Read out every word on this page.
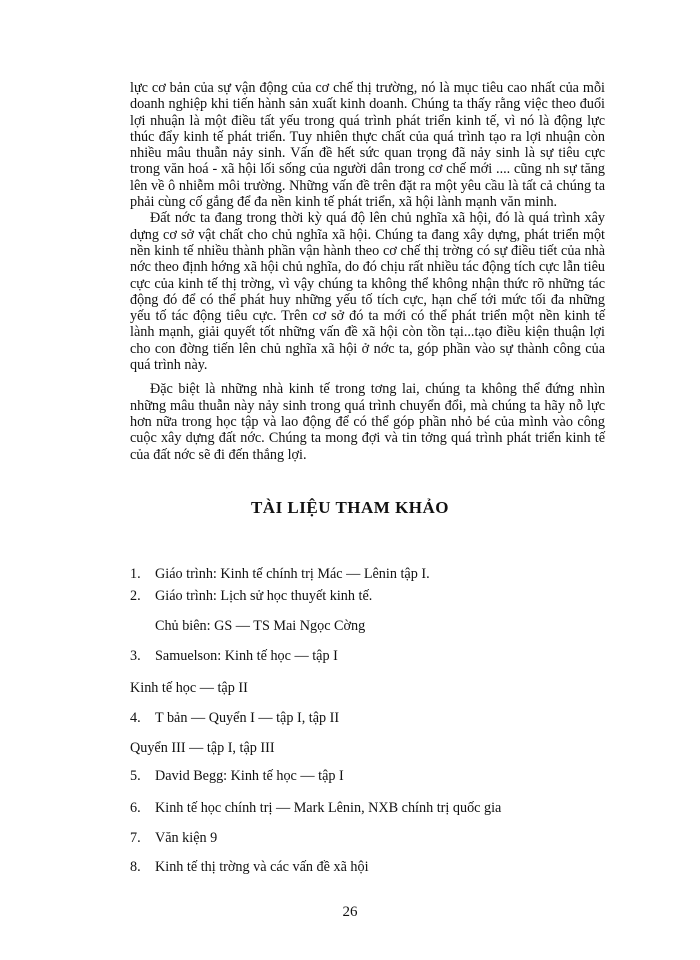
lực cơ bản của sự vận động của cơ chế thị trường, nó là mục tiêu cao nhất của mỗi doanh nghiệp khi tiến hành sản xuất kinh doanh. Chúng ta thấy rằng việc theo đuổi lợi nhuận là một điều tất yếu trong quá trình phát triển kinh tế, vì nó là động lực thúc đẩy kinh tế phát triển. Tuy nhiên thực chất của quá trình tạo ra lợi nhuận còn nhiều mâu thuẫn nảy sinh. Vấn đề hết sức quan trọng đã nảy sinh là sự tiêu cực trong văn hoá - xã hội lối sống của người dân trong cơ chế mới .... cũng nh sự tăng lên về ô nhiễm môi trường. Những vấn đề trên đặt ra một yêu cầu là tất cả chúng ta phải cùng cố gắng để đa nền kinh tế phát triển, xã hội lành mạnh văn minh.

Đất nớc ta đang trong thời kỳ quá độ lên chủ nghĩa xã hội, đó là quá trình xây dựng cơ sở vật chất cho chủ nghĩa xã hội. Chúng ta đang xây dựng, phát triển một nền kinh tế nhiều thành phần vận hành theo cơ chế thị trờng có sự điều tiết của nhà nớc theo định hớng xã hội chủ nghĩa, do đó chịu rất nhiều tác động tích cực lẫn tiêu cực của kinh tế thị trờng, vì vậy chúng ta không thể không nhận thức rõ những tác động đó để có thể phát huy những yếu tố tích cực, hạn chế tới mức tối đa những yếu tố tác động tiêu cực. Trên cơ sở đó ta mới có thể phát triển một nền kinh tế lành mạnh, giải quyết tốt những vấn đề xã hội còn tồn tại...tạo điều kiện thuận lợi cho con đờng tiến lên chủ nghĩa xã hội ở nớc ta, góp phần vào sự thành công của quá trình này.

Đặc biệt là những nhà kinh tế trong tơng lai, chúng ta không thể đứng nhìn những mâu thuẫn này nảy sinh trong quá trình chuyển đổi, mà chúng ta hãy nỗ lực hơn nữa trong học tập và lao động để có thể góp phần nhỏ bé của mình vào công cuộc xây dựng đất nớc. Chúng ta mong đợi và tin tởng quá trình phát triển kinh tế của đất nớc sẽ đi đến thắng lợi.

TÀI LIỆU THAM KHẢO
1. Giáo trình: Kinh tế chính trị Mác — Lênin tập I.
2. Giáo trình: Lịch sử học thuyết kinh tế.
Chủ biên: GS — TS Mai Ngọc Cờng
3. Samuelson: Kinh tế học — tập I
Kinh tế học — tập II
4. T bản — Quyển I — tập I, tập II
Quyển III — tập I, tập III
5. David Begg: Kinh tế học — tập I
6. Kinh tế học chính trị — Mark Lênin, NXB chính trị quốc gia
7. Văn kiện 9
8. Kinh tế thị trờng và các vấn đề xã hội
26
